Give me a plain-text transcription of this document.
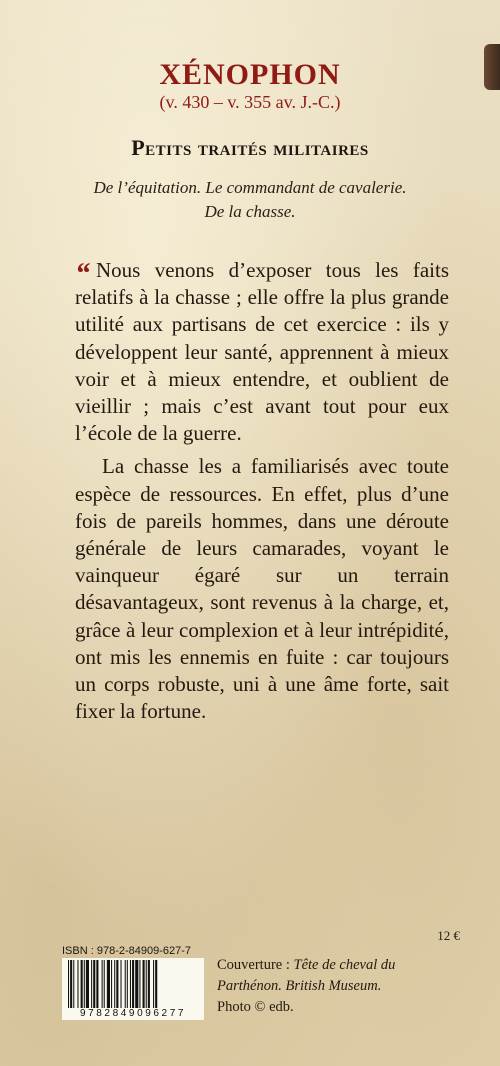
XÉNOPHON
(v. 430 – v. 355 av. J.-C.)
Petits traités militaires
De l’équitation. Le commandant de cavalerie.
De la chasse.

“ Nous venons d’exposer tous les faits relatifs à la chasse ; elle offre la plus grande utilité aux partisans de cet exercice : ils y développent leur santé, apprennent à mieux voir et à mieux entendre, et oublient de vieillir ; mais c’est avant tout pour eux l’école de la guerre.

La chasse les a familiarisés avec toute espèce de ressources. En effet, plus d’une fois de pareils hommes, dans une déroute générale de leurs camarades, voyant le vainqueur égaré sur un terrain désavantageux, sont revenus à la charge, et, grâce à leur complexion et à leur intrépidité, ont mis les ennemis en fuite : car toujours un corps robuste, uni à une âme forte, sait fixer la fortune.

12 €
ISBN : 978-2-84909-627-7
9782849096277
Couverture : Tête de cheval du Parthénon. British Museum.
Photo © edb.
